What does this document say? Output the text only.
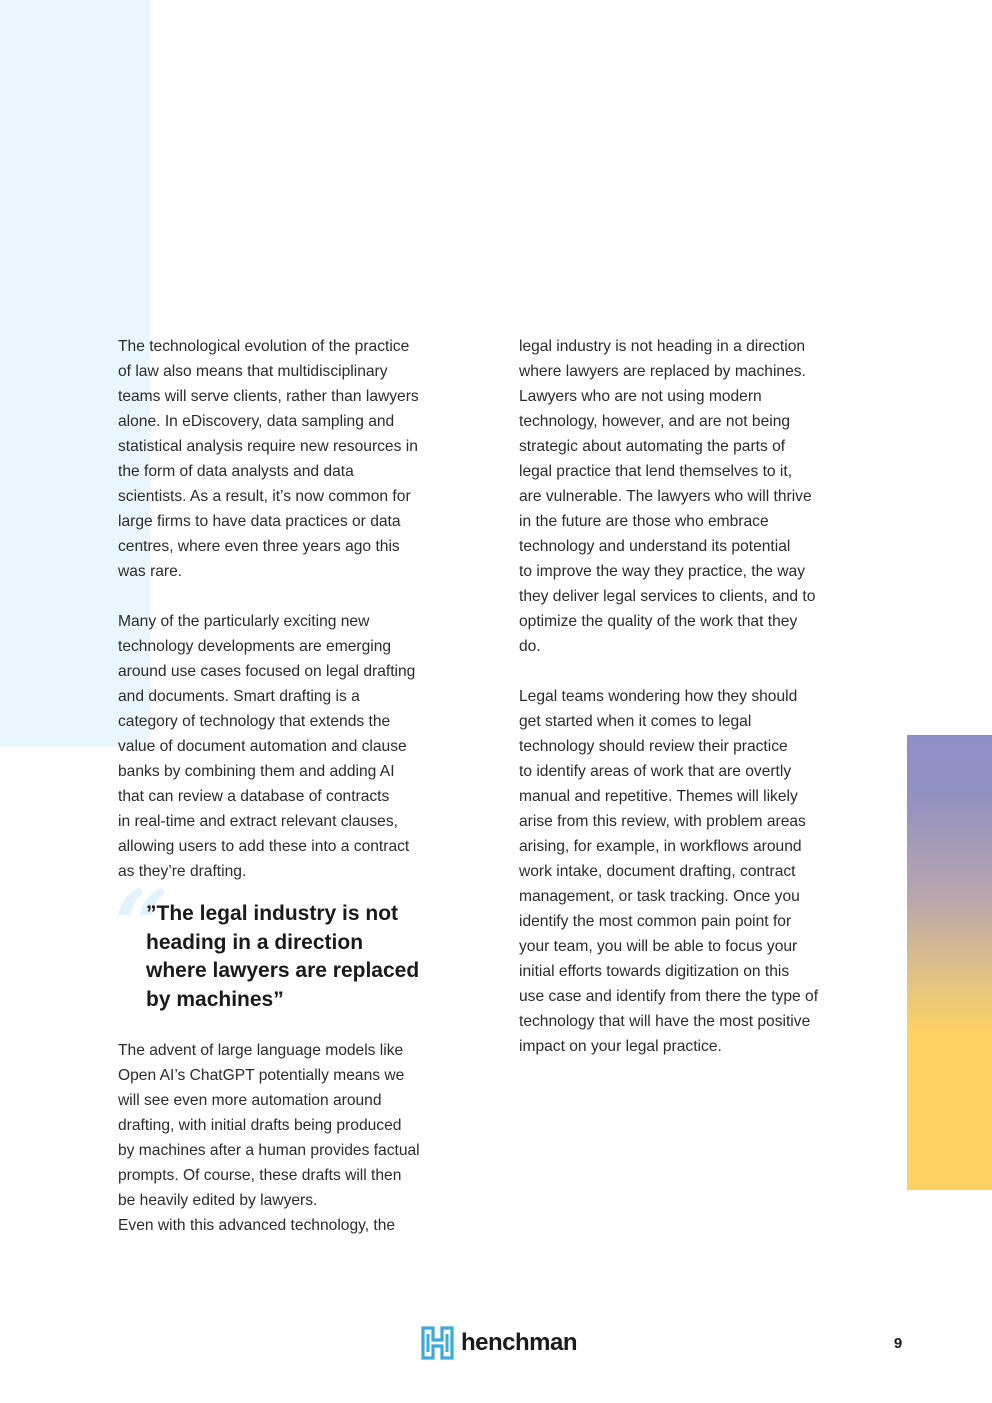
The technological evolution of the practice
of law also means that multidisciplinary
teams will serve clients, rather than lawyers
alone. In eDiscovery, data sampling and
statistical analysis require new resources in
the form of data analysts and data
scientists. As a result, it’s now common for
large firms to have data practices or data
centres, where even three years ago this
was rare.

Many of the particularly exciting new
technology developments are emerging
around use cases focused on legal drafting
and documents. Smart drafting is a
category of technology that extends the
value of document automation and clause
banks by combining them and adding AI
that can review a database of contracts
in real-time and extract relevant clauses,
allowing users to add these into a contract
as they’re drafting.

“
”The legal industry is not
heading in a direction
where lawyers are replaced
by machines”

The advent of large language models like
Open AI’s ChatGPT potentially means we
will see even more automation around
drafting, with initial drafts being produced
by machines after a human provides factual
prompts. Of course, these drafts will then
be heavily edited by lawyers.
Even with this advanced technology, the

legal industry is not heading in a direction
where lawyers are replaced by machines.
Lawyers who are not using modern
technology, however, and are not being
strategic about automating the parts of
legal practice that lend themselves to it,
are vulnerable. The lawyers who will thrive
in the future are those who embrace
technology and understand its potential
to improve the way they practice, the way
they deliver legal services to clients, and to
optimize the quality of the work that they
do.

Legal teams wondering how they should
get started when it comes to legal
technology should review their practice
to identify areas of work that are overtly
manual and repetitive. Themes will likely
arise from this review, with problem areas
arising, for example, in workflows around
work intake, document drafting, contract
management, or task tracking. Once you
identify the most common pain point for
your team, you will be able to focus your
initial efforts towards digitization on this
use case and identify from there the type of
technology that will have the most positive
impact on your legal practice.

henchman	9
